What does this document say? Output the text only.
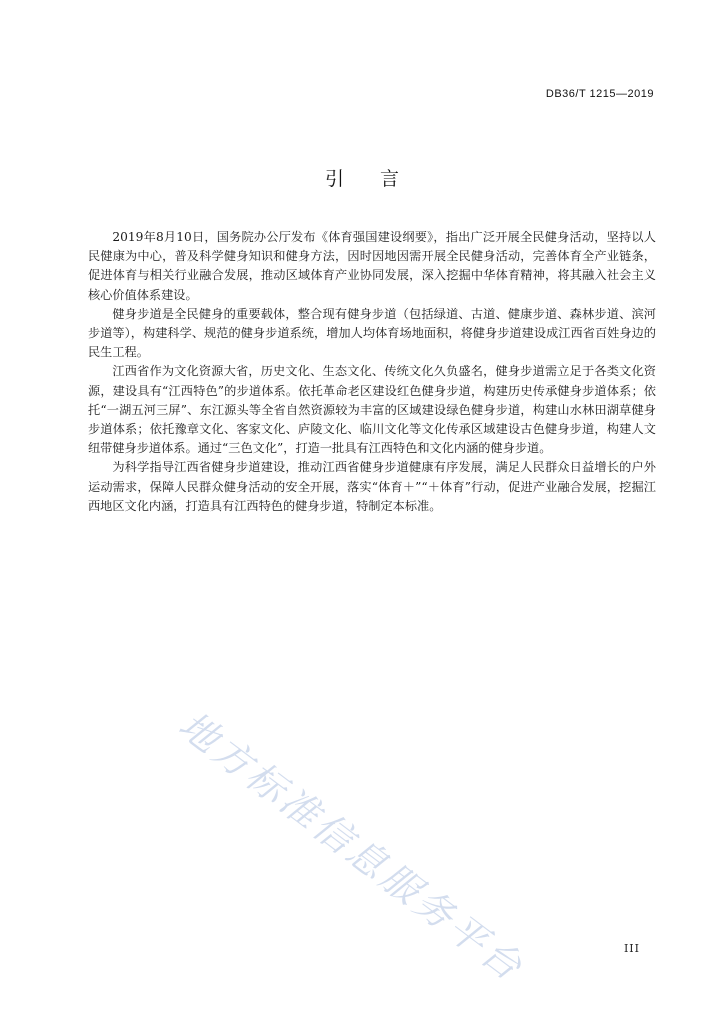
DB36/T 1215—2019
引言

2019年8月10日，国务院办公厅发布《体育强国建设纲要》，指出广泛开展全民健身活动，坚持以人民健康为中心，普及科学健身知识和健身方法，因时因地因需开展全民健身活动，完善体育全产业链条，促进体育与相关行业融合发展，推动区域体育产业协同发展，深入挖掘中华体育精神，将其融入社会主义核心价值体系建设。

健身步道是全民健身的重要载体，整合现有健身步道（包括绿道、古道、健康步道、森林步道、滨河步道等），构建科学、规范的健身步道系统，增加人均体育场地面积，将健身步道建设成江西省百姓身边的民生工程。

江西省作为文化资源大省，历史文化、生态文化、传统文化久负盛名，健身步道需立足于各类文化资源，建设具有“江西特色”的步道体系。依托革命老区建设红色健身步道，构建历史传承健身步道体系；依托“一湖五河三屏”、东江源头等全省自然资源较为丰富的区域建设绿色健身步道，构建山水林田湖草健身步道体系；依托豫章文化、客家文化、庐陵文化、临川文化等文化传承区域建设古色健身步道，构建人文纽带健身步道体系。通过“三色文化”，打造一批具有江西特色和文化内涵的健身步道。

为科学指导江西省健身步道建设，推动江西省健身步道健康有序发展，满足人民群众日益增长的户外运动需求，保障人民群众健身活动的安全开展，落实“体育＋”“＋体育”行动，促进产业融合发展，挖掘江西地区文化内涵，打造具有江西特色的健身步道，特制定本标准。

地方标准信息服务平台	III
